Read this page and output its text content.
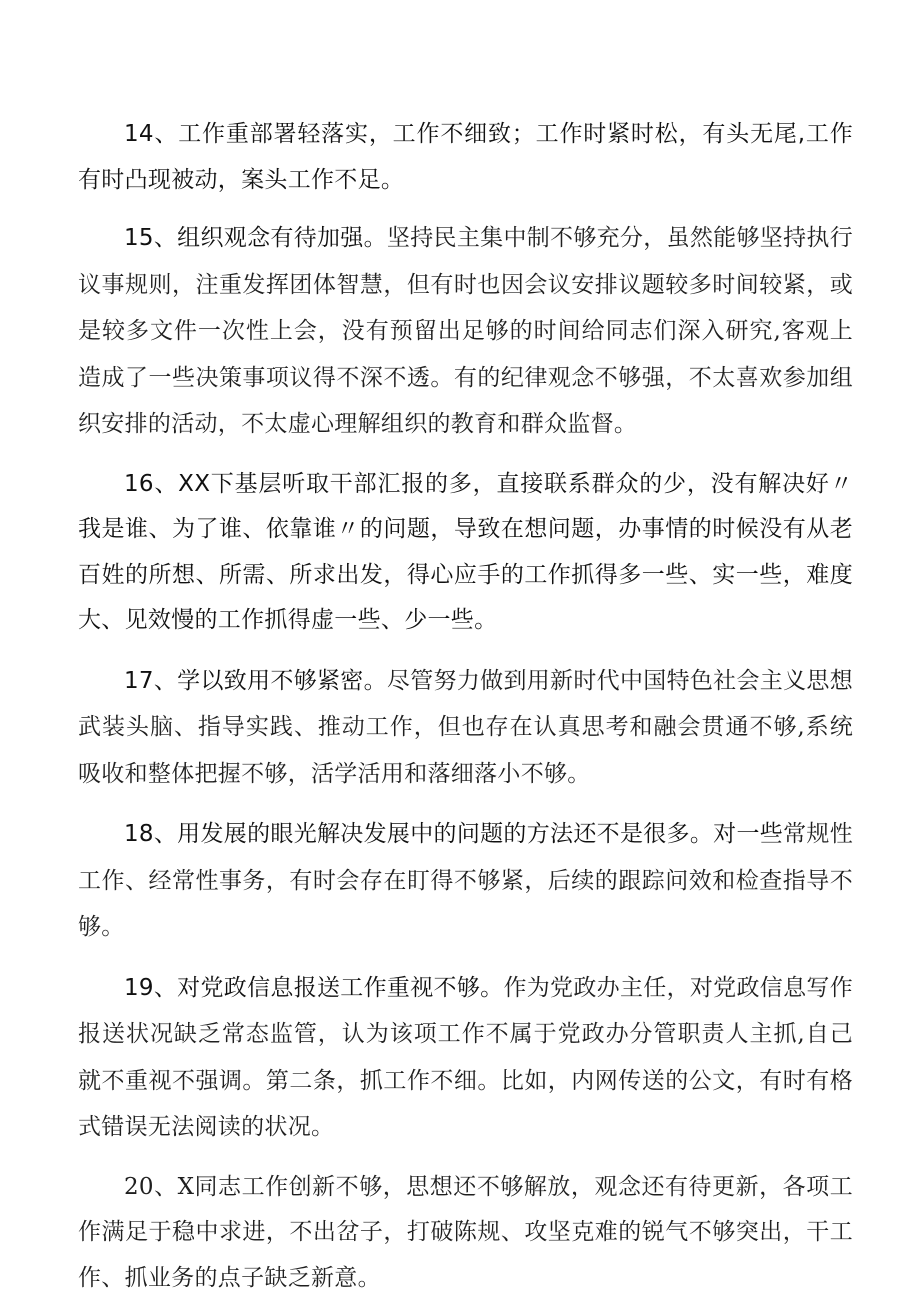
14、工作重部署轻落实，工作不细致；工作时紧时松，有头无尾,工作有时凸现被动，案头工作不足。

15、组织观念有待加强。坚持民主集中制不够充分，虽然能够坚持执行议事规则，注重发挥团体智慧，但有时也因会议安排议题较多时间较紧，或是较多文件一次性上会，没有预留出足够的时间给同志们深入研究,客观上造成了一些决策事项议得不深不透。有的纪律观念不够强，不太喜欢参加组织安排的活动，不太虚心理解组织的教育和群众监督。

16、XX下基层听取干部汇报的多，直接联系群众的少，没有解决好〃我是谁、为了谁、依靠谁〃的问题，导致在想问题，办事情的时候没有从老百姓的所想、所需、所求出发，得心应手的工作抓得多一些、实一些，难度大、见效慢的工作抓得虚一些、少一些。

17、学以致用不够紧密。尽管努力做到用新时代中国特色社会主义思想武装头脑、指导实践、推动工作，但也存在认真思考和融会贯通不够,系统吸收和整体把握不够，活学活用和落细落小不够。

18、用发展的眼光解决发展中的问题的方法还不是很多。对一些常规性工作、经常性事务，有时会存在盯得不够紧，后续的跟踪问效和检查指导不够。

19、对党政信息报送工作重视不够。作为党政办主任，对党政信息写作报送状况缺乏常态监管，认为该项工作不属于党政办分管职责人主抓,自己就不重视不强调。第二条，抓工作不细。比如，内网传送的公文，有时有格式错误无法阅读的状况。

20、X同志工作创新不够，思想还不够解放，观念还有待更新，各项工作满足于稳中求进，不出岔子，打破陈规、攻坚克难的锐气不够突出，干工作、抓业务的点子缺乏新意。
